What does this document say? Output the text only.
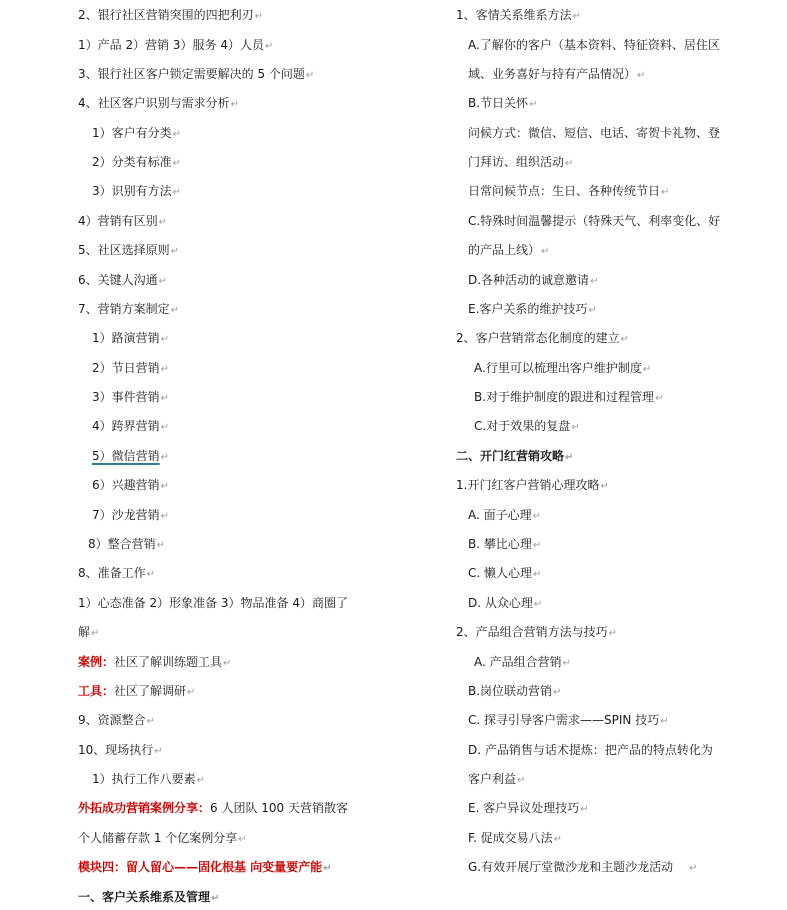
2、银行社区营销突围的四把利刃↵
1）产品 2）营销 3）服务 4）人员↵
3、银行社区客户锁定需要解决的 5 个问题↵
4、社区客户识别与需求分析↵
1）客户有分类↵
2）分类有标准↵
3）识别有方法↵
4）营销有区别↵
5、社区选择原则↵
6、关键人沟通↵
7、营销方案制定↵
1）路演营销↵
2）节日营销↵
3）事件营销↵
4）跨界营销↵
5）微信营销↵
6）兴趣营销↵
7）沙龙营销↵
8）整合营销↵
8、准备工作↵
1）心态准备 2）形象准备 3）物品准备 4）商圈了
解↵
案例：社区了解训练题工具↵
工具：社区了解调研↵
9、资源整合↵
10、现场执行↵
1）执行工作八要素↵
外拓成功营销案例分享：6 人团队 100 天营销散客
个人储蓄存款 1 个亿案例分享↵
模块四：留人留心——固化根基 向变量要产能↵
一、客户关系维系及管理↵
1、客情关系维系方法↵
A.了解你的客户（基本资料、特征资料、居住区
域、业务喜好与持有产品情况）↵
B.节日关怀↵
问候方式：微信、短信、电话、寄贺卡礼物、登
门拜访、组织活动↵
日常问候节点：生日、各种传统节日↵
C.特殊时间温馨提示（特殊天气、利率变化、好
的产品上线）↵
D.各种活动的诚意邀请↵
E.客户关系的维护技巧↵
2、客户营销常态化制度的建立↵
A.行里可以梳理出客户维护制度↵
B.对于维护制度的跟进和过程管理↵
C.对于效果的复盘↵
二、开门红营销攻略↵
1.开门红客户营销心理攻略↵
A. 面子心理↵
B. 攀比心理↵
C. 懒人心理↵
D. 从众心理↵
2、产品组合营销方法与技巧↵
A. 产品组合营销↵
B.岗位联动营销↵
C. 探寻引导客户需求——SPIN 技巧↵
D. 产品销售与话术提炼：把产品的特点转化为
客户利益↵
E. 客户异议处理技巧↵
F. 促成交易八法↵
G.有效开展厅堂微沙龙和主题沙龙活动 ↵
